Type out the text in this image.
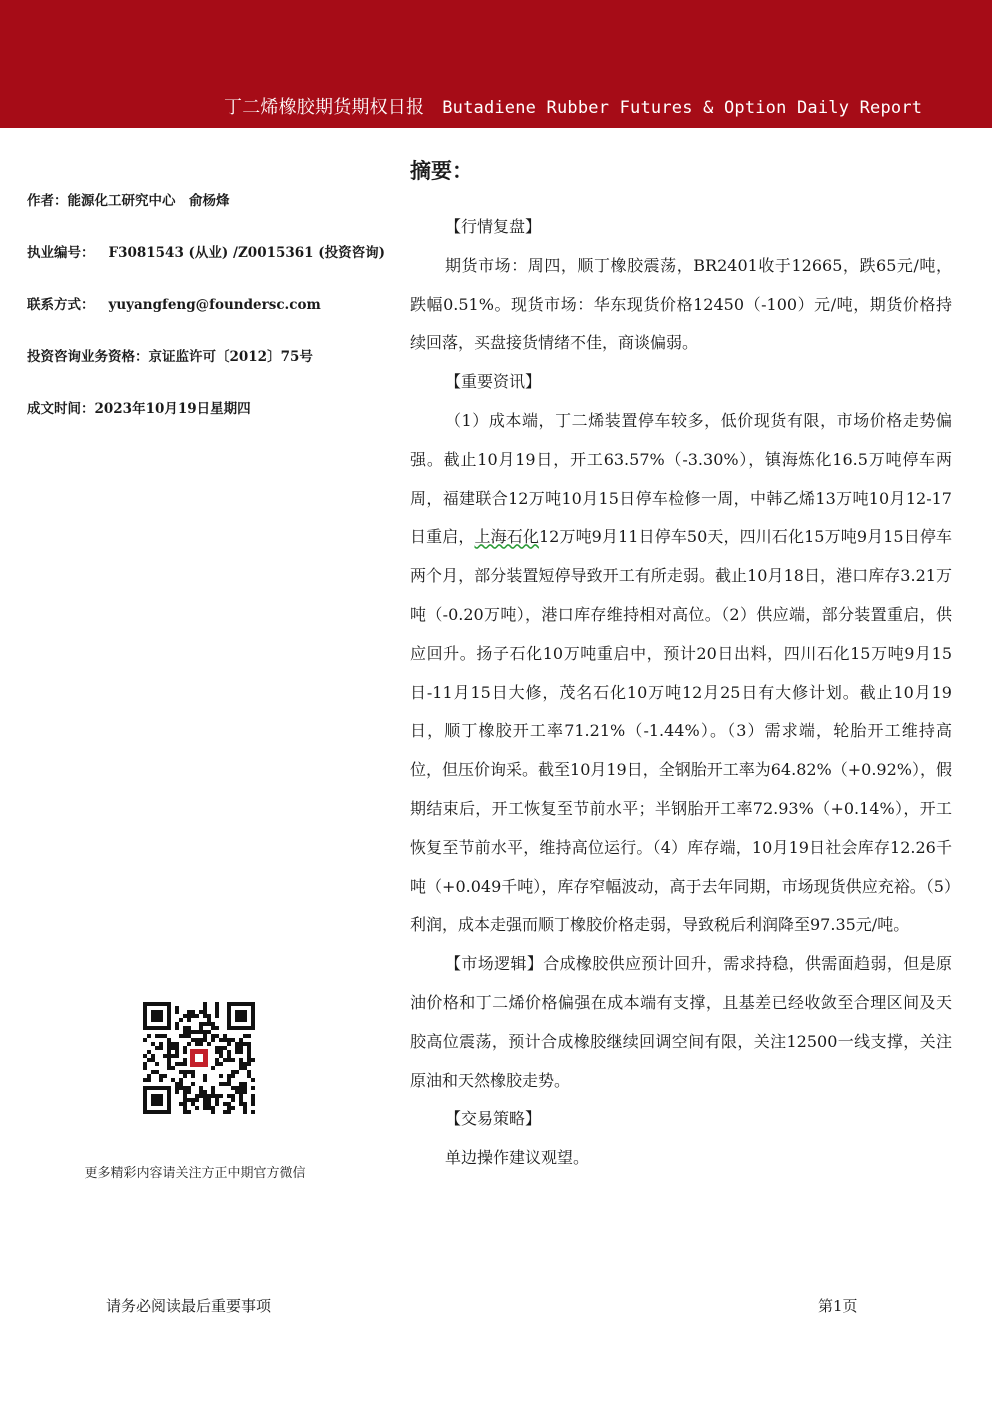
丁二烯橡胶期货期权日报 Butadiene Rubber Futures & Option Daily Report
作者：能源化工研究中心　俞杨烽
执业编号： F3081543 (从业) /Z0015361 (投资咨询)
联系方式： yuyangfeng@foundersc.com
投资咨询业务资格：京证监许可〔2012〕75号
成文时间：2023年10月19日星期四
更多精彩内容请关注方正中期官方微信
摘要：

【行情复盘】

期货市场：周四，顺丁橡胶震荡，BR2401收于12665，跌65元/吨，跌幅0.51%。现货市场：华东现货价格12450（-100）元/吨，期货价格持续回落，买盘接货情绪不佳，商谈偏弱。

【重要资讯】

（1）成本端，丁二烯装置停车较多，低价现货有限，市场价格走势偏强。截止10月19日，开工63.57%（-3.30%），镇海炼化16.5万吨停车两周，福建联合12万吨10月15日停车检修一周，中韩乙烯13万吨10月12-17日重启，上海石化12万吨9月11日停车50天，四川石化15万吨9月15日停车两个月，部分装置短停导致开工有所走弱。截止10月18日，港口库存3.21万吨（-0.20万吨），港口库存维持相对高位。（2）供应端，部分装置重启，供应回升。扬子石化10万吨重启中，预计20日出料，四川石化15万吨9月15日-11月15日大修，茂名石化10万吨12月25日有大修计划。截止10月19日，顺丁橡胶开工率71.21%（-1.44%）。（3）需求端，轮胎开工维持高位，但压价询采。截至10月19日，全钢胎开工率为64.82%（+0.92%），假期结束后，开工恢复至节前水平；半钢胎开工率72.93%（+0.14%），开工恢复至节前水平，维持高位运行。（4）库存端，10月19日社会库存12.26千吨（+0.049千吨），库存窄幅波动，高于去年同期，市场现货供应充裕。（5）利润，成本走强而顺丁橡胶价格走弱，导致税后利润降至97.35元/吨。

【市场逻辑】合成橡胶供应预计回升，需求持稳，供需面趋弱，但是原油价格和丁二烯价格偏强在成本端有支撑，且基差已经收敛至合理区间及天胶高位震荡，预计合成橡胶继续回调空间有限，关注12500一线支撑，关注原油和天然橡胶走势。

【交易策略】

单边操作建议观望。

请务必阅读最后重要事项	第1页
